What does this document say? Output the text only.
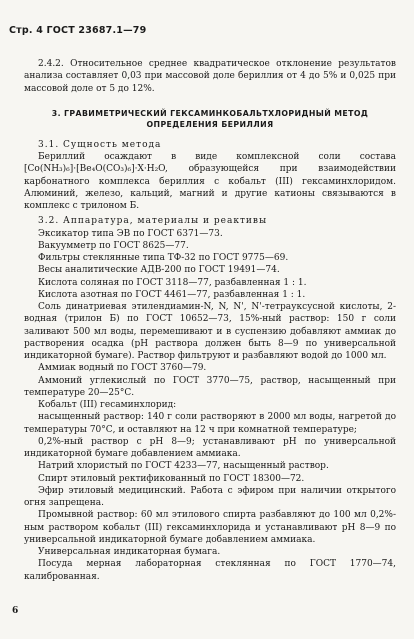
Стр. 4 ГОСТ 23687.1—79

2.4.2. Относительное среднее квадратическое отклонение результатов анализа составляет 0,03 при массовой доле бериллия от 4 до 5% и 0,025 при массовой доле от 5 до 12%.

3. ГРАВИМЕТРИЧЕСКИЙ ГЕКСАМИНКОБАЛЬТХЛОРИДНЫЙ МЕТОД
ОПРЕДЕЛЕНИЯ БЕРИЛЛИЯ

3.1. Сущность метода

Бериллий осаждают в виде комплексной соли состава [Co(NH₃)₆]·[Be₄O(CO₃)₆]·X·H₂O, образующейся при взаимодействии карбонатного комплекса бериллия с кобальт (III) гексаминхлоридом. Алюминий, железо, кальций, магний и другие катионы связываются в комплекс с трилоном Б.

3.2. Аппаратура, материалы и реактивы

Эксикатор типа ЭВ по ГОСТ 6371—73.

Вакуумметр по ГОСТ 8625—77.

Фильтры стеклянные типа ТФ-32 по ГОСТ 9775—69.

Весы аналитические АДВ-200 по ГОСТ 19491—74.

Кислота соляная по ГОСТ 3118—77, разбавленная 1 : 1.

Кислота азотная по ГОСТ 4461—77, разбавленная 1 : 1.

Соль динатриевая этилендиамин-N, N, N', N'-тетрауксусной кислоты, 2-водная (трилон Б) по ГОСТ 10652—73, 15%-ный раствор: 150 г соли заливают 500 мл воды, перемешивают и в суспензию добавляют аммиак до растворения осадка (pH раствора должен быть 8—9 по универсальной индикаторной бумаге). Раствор фильтруют и разбавляют водой до 1000 мл.

Аммиак водный по ГОСТ 3760—79.

Аммоний углекислый по ГОСТ 3770—75, раствор, насыщенный при температуре 20—25°С.

Кобальт (III) гесаминхлорид:

насыщенный раствор: 140 г соли растворяют в 2000 мл воды, нагретой до температуры 70°С, и оставляют на 12 ч при комнатной температуре;

0,2%-ный раствор с pH 8—9; устанавливают pH по универсальной индикаторной бумаге добавлением аммиака.

Натрий хлористый по ГОСТ 4233—77, насыщенный раствор.

Спирт этиловый ректификованный по ГОСТ 18300—72.

Эфир этиловый медицинский. Работа с эфиром при наличии открытого огня запрещена.

Промывной раствор: 60 мл этилового спирта разбавляют до 100 мл 0,2%-ным раствором кобальт (III) гексаминхлорида и устанавливают pH 8—9 по универсальной индикаторной бумаге добавлением аммиака.

Универсальная индикаторная бумага.

Посуда мерная лабораторная стеклянная по ГОСТ 1770—74, калиброванная.

6
